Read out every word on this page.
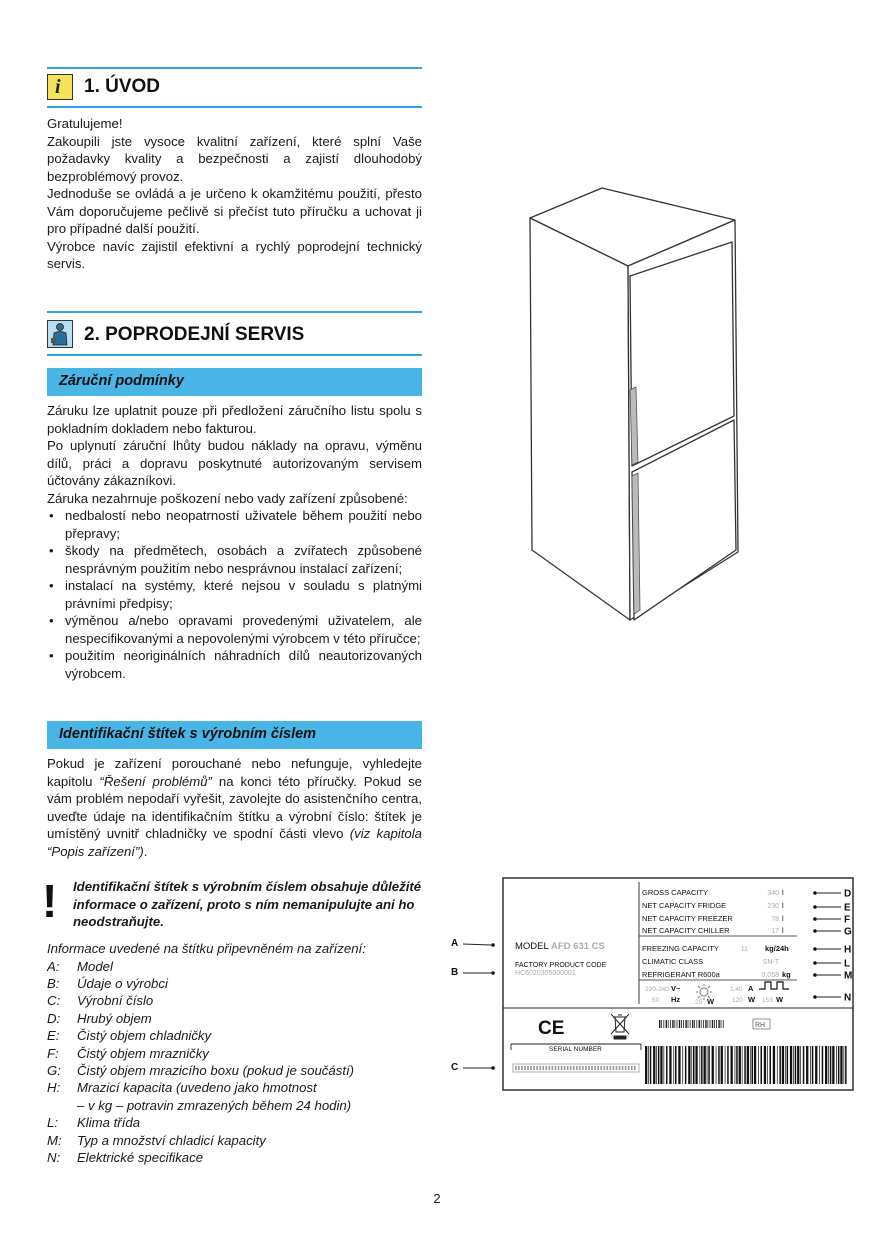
i 1. ÚVOD

Gratulujeme!

Zakoupili jste vysoce kvalitní zařízení, které splní Vaše požadavky kvality a bezpečnosti a zajistí dlouhodobý bezproblémový provoz.

Jednoduše se ovládá a je určeno k okamžitému použití, přesto Vám doporučujeme pečlivě si přečíst tuto příručku a uchovat ji pro případné další použití.

Výrobce navíc zajistil efektivní a rychlý poprodejní technický servis.

2. POPRODEJNÍ SERVIS
Záruční podmínky

Záruku lze uplatnit pouze při předložení záručního listu spolu s pokladním dokladem nebo fakturou.

Po uplynutí záruční lhůty budou náklady na opravu, výměnu dílů, práci a dopravu poskytnuté autorizovaným servisem účtovány zákazníkovi.

Záruka nezahrnuje poškození nebo vady zařízení způsobené:

• nedbalostí nebo neopatrností uživatele během použití nebo přepravy;
• škody na předmětech, osobách a zvířatech způsobené nesprávným použitím nebo nesprávnou instalací zařízení;
• instalací na systémy, které nejsou v souladu s platnými právními předpisy;
• výměnou a/nebo opravami provedenými uživatelem, ale nespecifikovanými a nepovolenými výrobcem v této příručce;
• použitím neoriginálních náhradních dílů neautorizovaných výrobcem.
Identifikační štítek s výrobním číslem

Pokud je zařízení porouchané nebo nefunguje, vyhledejte kapitolu “Řešení problémů” na konci této příručky. Pokud se vám problém nepodaří vyřešit, zavolejte do asistenčního centra, uveďte údaje na identifikačním štítku a výrobní číslo: štítek je umístěný uvnitř chladničky ve spodní části vlevo (viz kapitola “Popis zařízení”).

! Identifikační štítek s výrobním číslem obsahuje důležité informace o zařízení, proto s ním nemanipulujte ani ho neodstraňujte.
Informace uvedené na štítku připevněném na zařízení:
A:	Model
B:	Údaje o výrobci
C:	Výrobní číslo
D:	Hrubý objem
E:	Čistý objem chladničky
F:	Čistý objem mrazničky
G:	Čistý objem mrazicího boxu (pokud je součástí)
H:	Mrazicí kapacita (uvedeno jako hmotnost
– v kg – potravin zmrazených během 24 hodin)
L:	Klima třída
M:	Typ a množství chladicí kapacity
N:	Elektrické specifikace
MODEL AFD 631 CS
FACTORY PRODUCT CODE
HC6020305000001
GROSS CAPACITY	340 l
NET CAPACITY FRIDGE	230 l
NET CAPACITY FREEZER	78 l
NET CAPACITY CHILLER	17 l
FREEZING CAPACITY	11 kg/24h
CLIMATIC CLASS	SN-T
REFRIGERANT R600a	0,058 kg
220-240 V~
50 Hz 25 W
1.40 A
120 W 153 W
CE	RH
SERIAL NUMBER
A
B
C
D
E
F
G
H
L
M
N
2
